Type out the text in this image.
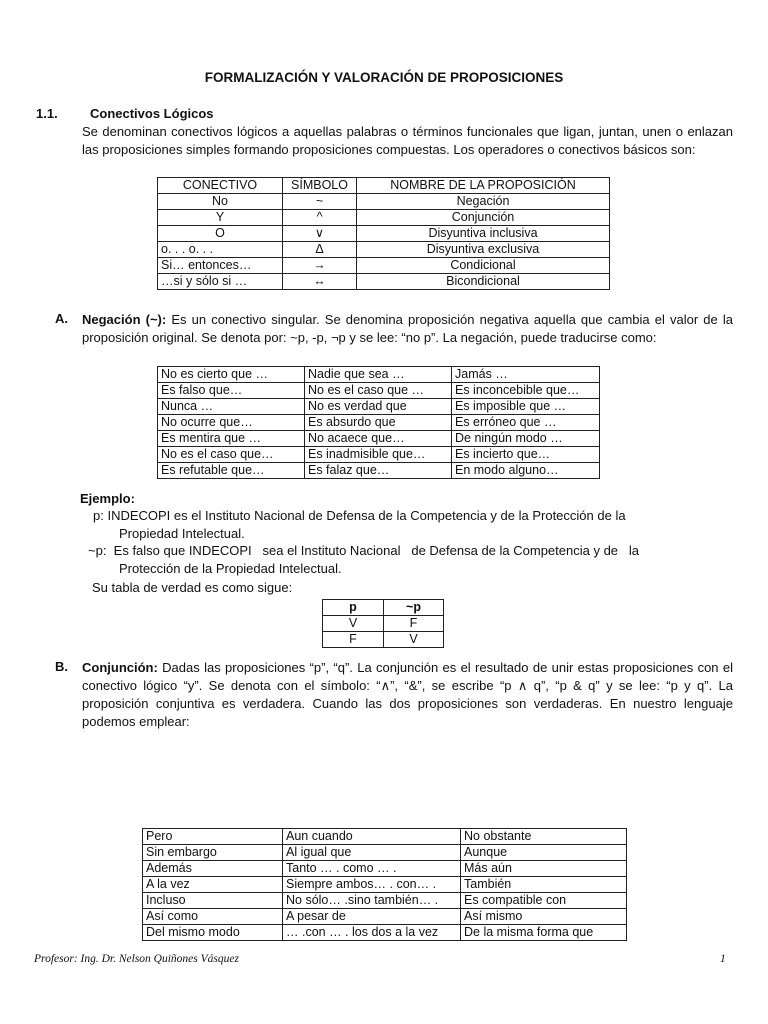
FORMALIZACIÓN Y VALORACIÓN DE PROPOSICIONES
1.1. Conectivos Lógicos
Se denominan conectivos lógicos a aquellas palabras o términos funcionales que ligan, juntan, unen o enlazan las proposiciones simples formando proposiciones compuestas. Los operadores o conectivos básicos son:
CONECTIVO	SÍMBOLO	NOMBRE DE LA PROPOSICIÓN
No	~	Negación
Y	^	Conjunción
O	∨	Disyuntiva inclusiva
o. . . o. . .	Δ	Disyuntiva exclusiva
Si… entonces…	→	Condicional
…si y sólo si …	↔	Bicondicional
A. Negación (~): Es un conectivo singular. Se denomina proposición negativa aquella que cambia el valor de la proposición original. Se denota por: ~p, -p, ¬p y se lee: “no p”. La negación, puede traducirse como:
No es cierto que …	Nadie que sea …	Jamás …
Es falso que…	No es el caso que …	Es inconcebible que…
Nunca …	No es verdad que	Es imposible que …
No ocurre que…	Es absurdo que	Es erróneo que …
Es mentira que …	No acaece que…	De ningún modo …
No es el caso que…	Es inadmisible que…	Es incierto que…
Es refutable que…	Es falaz que…	En modo alguno…
Ejemplo:
p: INDECOPI es el Instituto Nacional de Defensa de la Competencia y de la Protección de la
Propiedad Intelectual.
~p:  Es falso que INDECOPI   sea el Instituto Nacional   de Defensa de la Competencia y de   la
Protección de la Propiedad Intelectual.
Su tabla de verdad es como sigue:
p	~p
V	F
F	V
B. Conjunción: Dadas las proposiciones “p”, “q”. La conjunción es el resultado de unir estas proposiciones con el conectivo lógico “y”. Se denota con el símbolo: “∧”, “&”, se escribe “p ∧ q”, “p & q” y se lee: “p y q”. La proposición conjuntiva es verdadera. Cuando las dos proposiciones son verdaderas. En nuestro lenguaje podemos emplear:
Pero	Aun cuando	No obstante
Sin embargo	Al igual que	Aunque
Además	Tanto … . como … .	Más aún
A la vez	Siempre ambos… . con… .	También
Incluso	No sólo… .sino también… .	Es compatible con
Así como	A pesar de	Así mismo
Del mismo modo	… .con … . los dos a la vez	De la misma forma que
Profesor: Ing. Dr. Nelson Quiñones Vásquez	1
